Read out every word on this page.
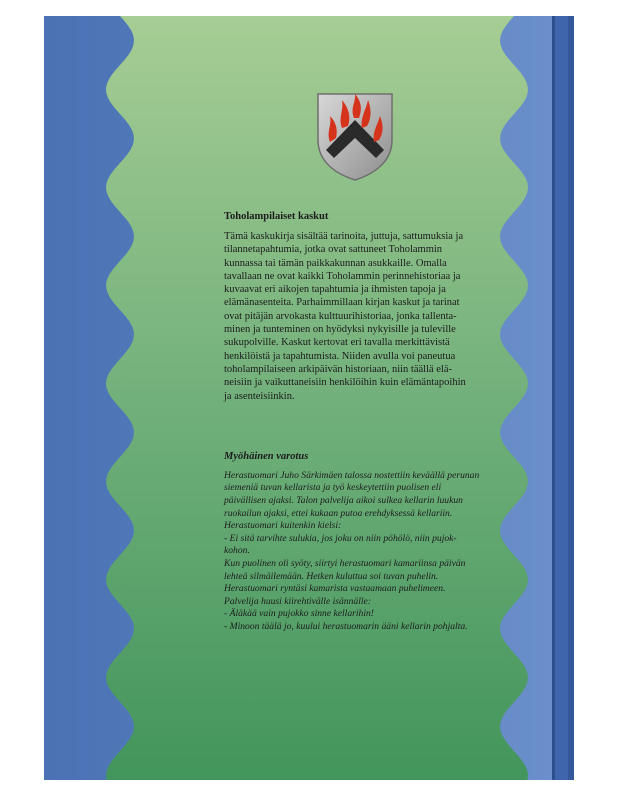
Toholampilaiset kaskut

Tämä kaskukirja sisältää tarinoita, juttuja, sattumuksia ja
tilannetapahtumia, jotka ovat sattuneet Toholammin
kunnassa tai tämän paikkakunnan asukkaille. Omalla
tavallaan ne ovat kaikki Toholammin perinnehistoriaa ja
kuvaavat eri aikojen tapahtumia ja ihmisten tapoja ja
elämänasenteita. Parhaimmillaan kirjan kaskut ja tarinat
ovat pitäjän arvokasta kulttuurihistoriaa, jonka tallenta-
minen ja tunteminen on hyödyksi nykyisille ja tuleville
sukupolville. Kaskut kertovat eri tavalla merkittävistä
henkilöistä ja tapahtumista. Niiden avulla voi paneutua
toholampilaiseen arkipäivän historiaan, niin täällä elä-
neisiin ja vaikuttaneisiin henkilöihin kuin elämäntapoihin
ja asenteisiinkin.

Myöhäinen varotus

Herastuomari Juho Särkimäen talossa nostettiin keväällä perunan
siemeniä tuvan kellarista ja työ keskeytettiin puolisen eli
päivällisen ajaksi. Talon palvelija aikoi sulkea kellarin luukun
ruokailun ajaksi, ettei kukaan putoa erehdyksessä kellariin.
Herastuomari kuitenkin kielsi:
- Ei sitä tarvihte sulukia, jos joku on niin pöhölö, niin pujok-
kohon.
Kun puolinen oli syöty, siirtyi herastuomari kamariinsa päivän
lehteä silmäilemään. Hetken kuluttua soi tuvan puhelin.
Herastuomari ryntäsi kamarista vastaamaan puhelimeen.
Palvelija huusi kiirehtivälle isännälle:
- Äläkää vain pujokko sinne kellarihin!
- Minoon täälä jo, kuului herastuomarin ääni kellarin pohjalta.
